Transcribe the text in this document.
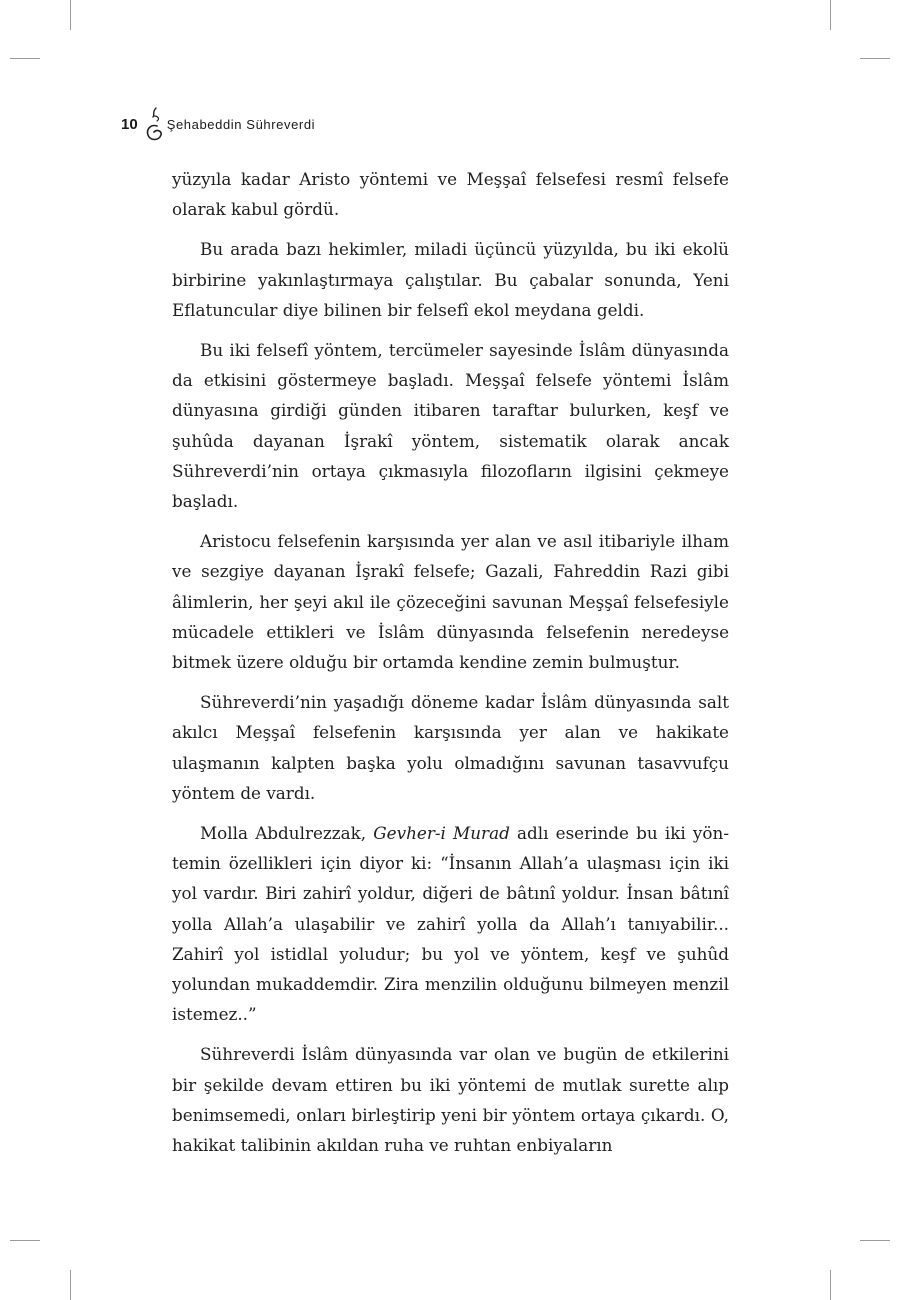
10 Şehabeddin Sühreverdi

yüzyıla kadar Aristo yöntemi ve Meşşaî felsefesi resmî felsefe olarak kabul gördü.

Bu arada bazı hekimler, miladi üçüncü yüzyılda, bu iki ekolü birbirine yakınlaştırmaya çalıştılar. Bu çabalar sonunda, Yeni Eflatuncular diye bilinen bir felsefî ekol meydana geldi.

Bu iki felsefî yöntem, tercümeler sayesinde İslâm dünyasında da etkisini göstermeye başladı. Meşşaî felsefe yöntemi İslâm dünyasına girdiği günden itibaren taraftar bulurken, keşf ve şuhûda dayanan İşrakî yöntem, sistematik olarak ancak Sühreverdi’nin ortaya çıkmasıyla filozofların ilgisini çekmeye başladı.

Aristocu felsefenin karşısında yer alan ve asıl itibariyle ilham ve sezgiye dayanan İşrakî felsefe; Gazali, Fahreddin Razi gibi âlimlerin, her şeyi akıl ile çözeceğini savunan Meşşaî felsefesiyle mücadele ettikleri ve İslâm dünyasında felsefenin neredeyse bitmek üzere olduğu bir ortamda kendine zemin bulmuştur.

Sühreverdi’nin yaşadığı döneme kadar İslâm dünyasında salt akılcı Meşşaî felsefenin karşısında yer alan ve hakikate ulaşmanın kalpten başka yolu olmadığını savunan tasavvufçu yöntem de vardı.

Molla Abdulrezzak, Gevher-i Murad adlı eserinde bu iki yöntemin özellikleri için diyor ki: “İnsanın Allah’a ulaşması için iki yol vardır. Biri zahirî yoldur, diğeri de bâtınî yoldur. İnsan bâtınî yolla Allah’a ulaşabilir ve zahirî yolla da Allah’ı tanıyabilir... Zahirî yol istidlal yoludur; bu yol ve yöntem, keşf ve şuhûd yolundan mukaddemdir. Zira menzilin olduğunu bilmeyen menzil istemez..”

Sühreverdi İslâm dünyasında var olan ve bugün de etkilerini bir şekilde devam ettiren bu iki yöntemi de mutlak surette alıp benimsemedi, onları birleştirip yeni bir yöntem ortaya çıkardı. O, hakikat talibinin akıldan ruha ve ruhtan enbiyaların
